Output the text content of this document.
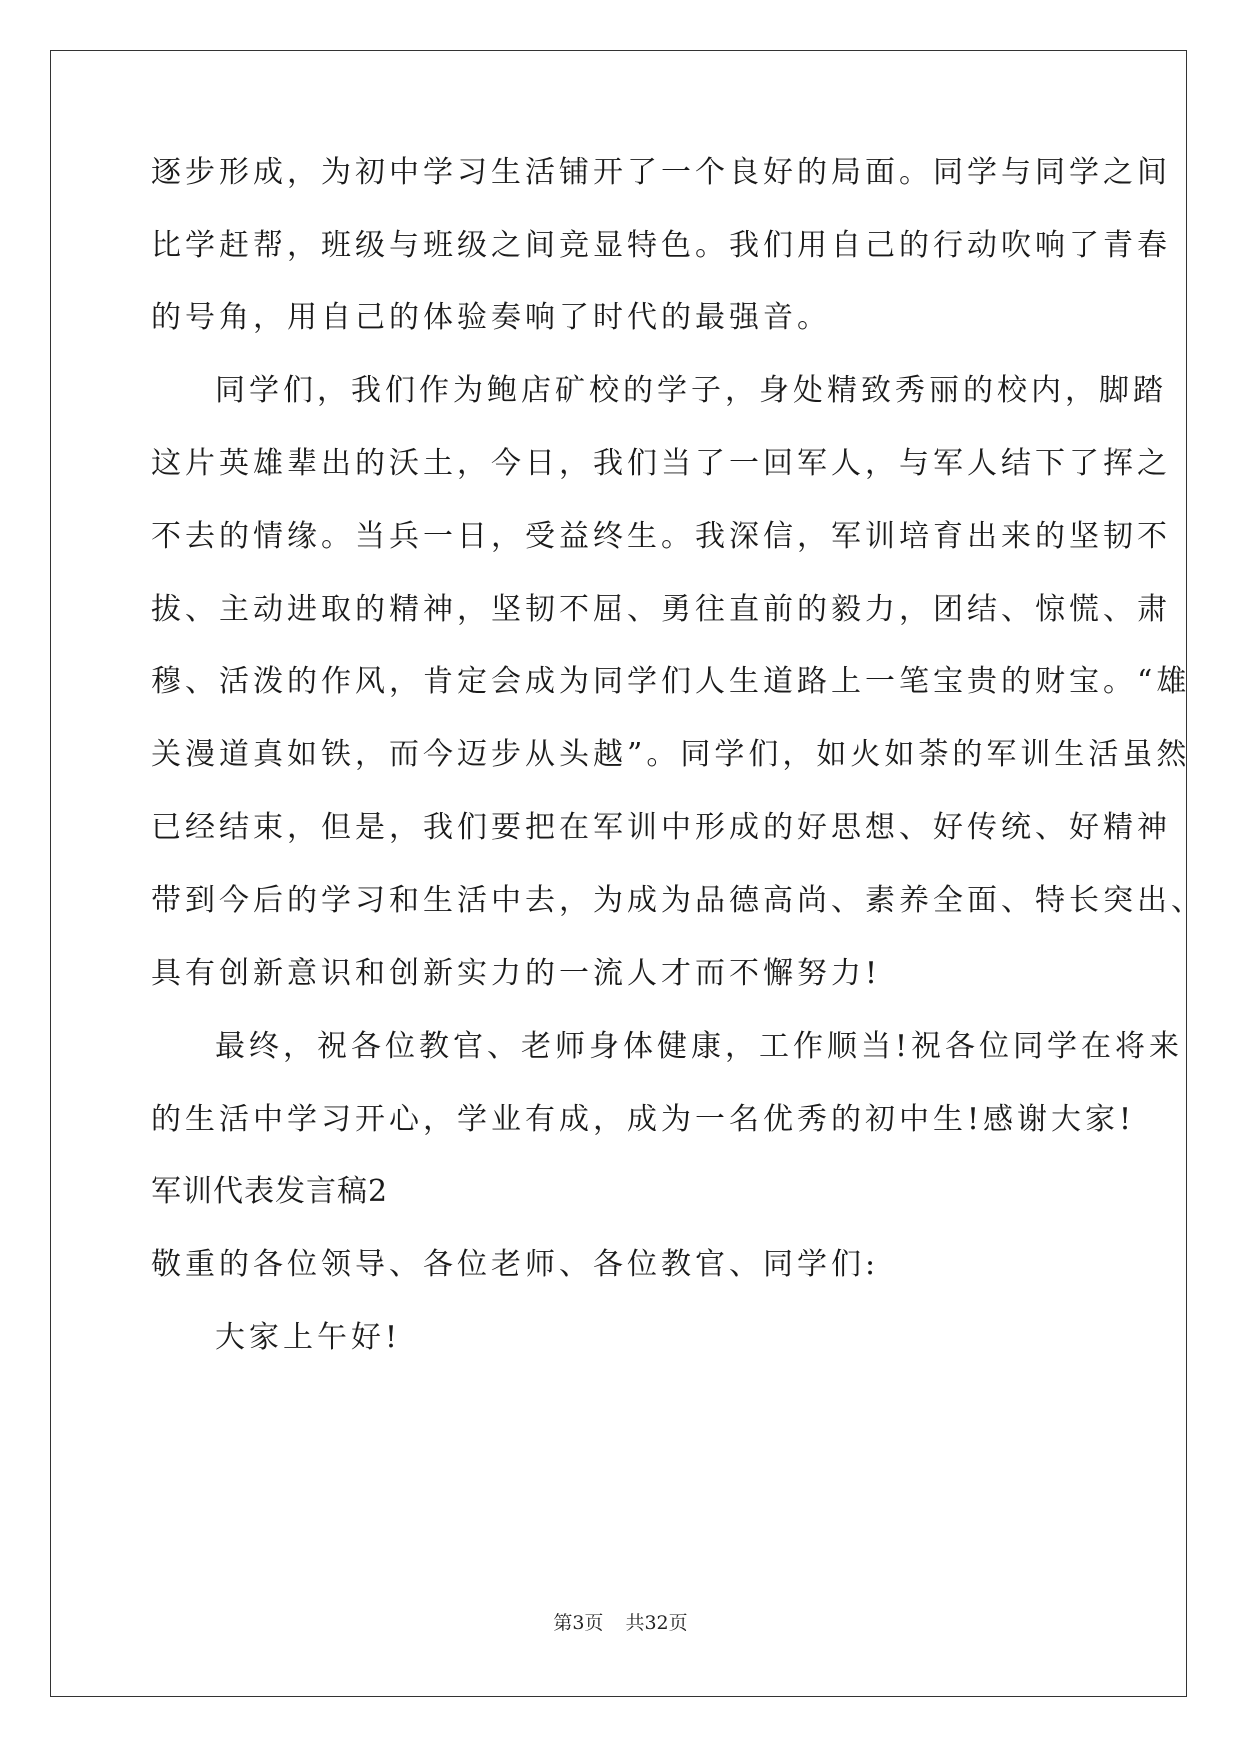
逐步形成，为初中学习生活铺开了一个良好的局面。同学与同学之间

比学赶帮，班级与班级之间竞显特色。我们用自己的行动吹响了青春

的号角，用自己的体验奏响了时代的最强音。

同学们，我们作为鲍店矿校的学子，身处精致秀丽的校内，脚踏

这片英雄辈出的沃土，今日，我们当了一回军人，与军人结下了挥之

不去的情缘。当兵一日，受益终生。我深信，军训培育出来的坚韧不

拔、主动进取的精神，坚韧不屈、勇往直前的毅力，团结、惊慌、肃

穆、活泼的作风，肯定会成为同学们人生道路上一笔宝贵的财宝。“雄

关漫道真如铁，而今迈步从头越”。同学们，如火如荼的军训生活虽然

已经结束，但是，我们要把在军训中形成的好思想、好传统、好精神

带到今后的学习和生活中去，为成为品德高尚、素养全面、特长突出、

具有创新意识和创新实力的一流人才而不懈努力!

最终，祝各位教官、老师身体健康，工作顺当!祝各位同学在将来

的生活中学习开心，学业有成，成为一名优秀的初中生!感谢大家!

军训代表发言稿2

敬重的各位领导、各位老师、各位教官、同学们:

大家上午好!

第3页 共32页
